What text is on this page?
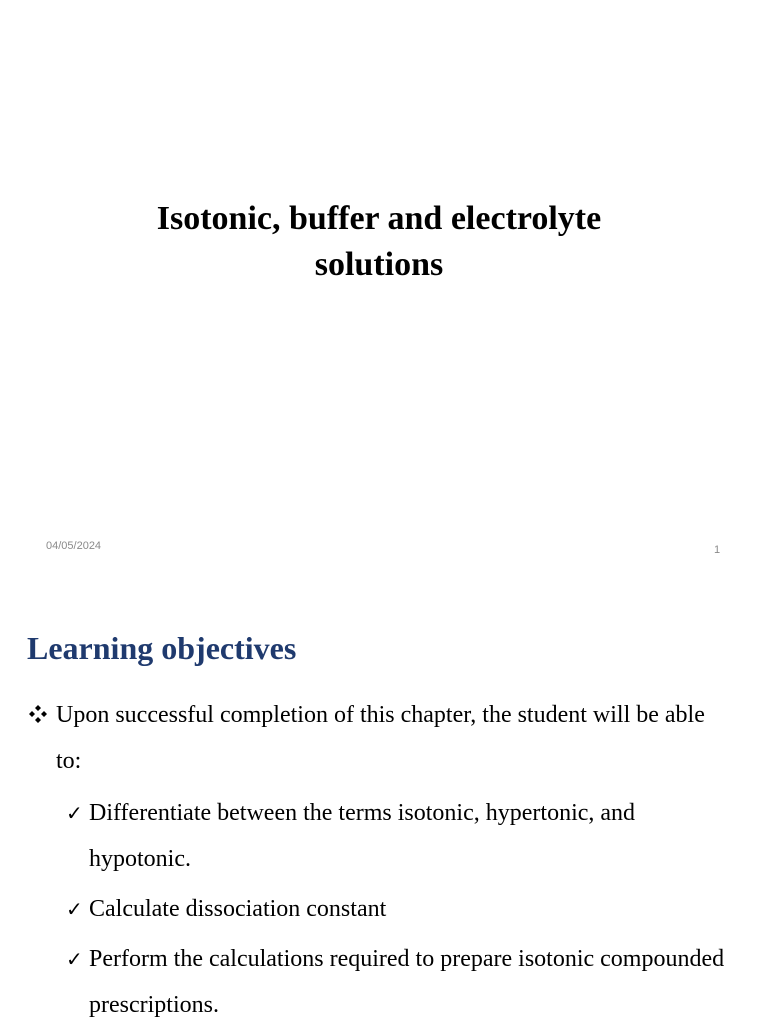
Isotonic, buffer and electrolyte
solutions
04/05/2024	1
Learning objectives
Upon successful completion of this chapter, the student will be able to:
✓ Differentiate between the terms isotonic, hypertonic, and hypotonic.
✓ Calculate dissociation constant
✓ Perform the calculations required to prepare isotonic compounded prescriptions.
